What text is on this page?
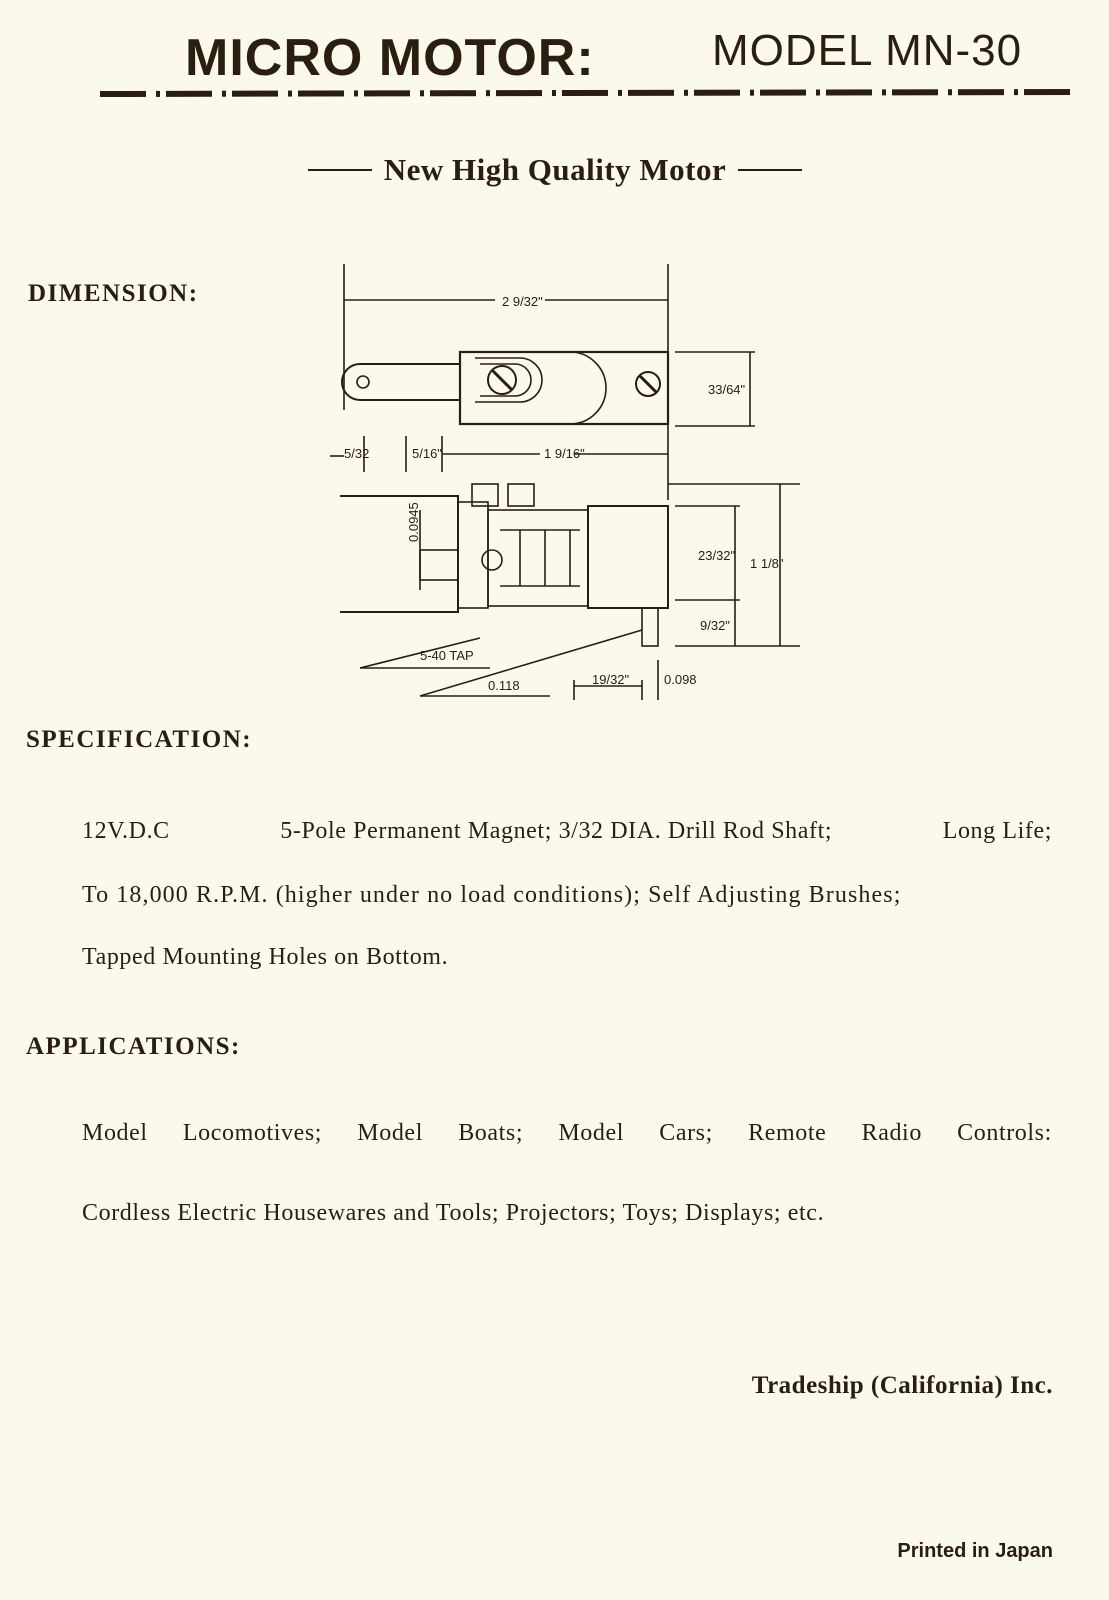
MICRO MOTOR:	MODEL MN-30
New High Quality Motor
DIMENSION:	2 9/32"
33/64"
5/32	5/16"	1 9/16"
0.0945
23/32"
1 1/8"
9/32"
5-40 TAP
0.118	19/32"	0.098
SPECIFICATION:
12V.D.C	5-Pole Permanent Magnet; 3/32 DIA. Drill Rod Shaft;	Long Life;
To 18,000 R.P.M. (higher under no load conditions); Self Adjusting Brushes;
Tapped Mounting Holes on Bottom.
APPLICATIONS:
Model Locomotives; Model Boats; Model Cars; Remote Radio Controls:
Cordless Electric Housewares and Tools; Projectors; Toys; Displays; etc.
Tradeship (California) Inc.
Printed in Japan
